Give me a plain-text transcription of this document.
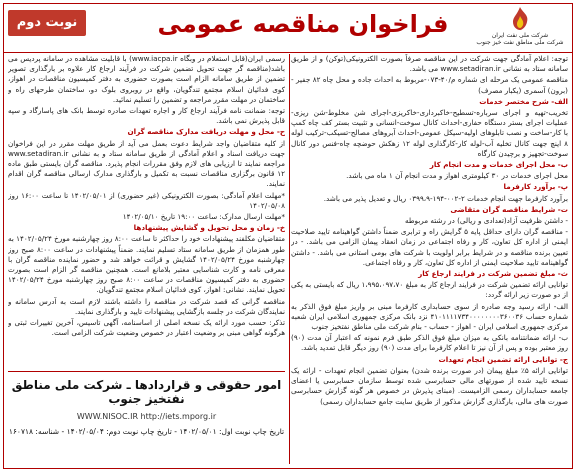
نوبت دوم	فراخوان مناقصه عمومی	شرکت ملی نفت ایران
شرکت ملی مناطق نفت خیز جنوب

توجه: اعلام آمادگی جهت شرکت در این مناقصه صرفاً بصورت الکترونیکی(توکن) و از طریق سامانه ستاد به نشانی www.setadiran.ir می باشد.

مناقصه عمومی یک مرحله ای شماره م/۴۰-۰۷۳-مربوط به احداث جاده و محل چاه ۸۲ جفیر - (برون) آسمری (یکبار مصرف)

الف- شرح مختصر خدمات

تخریب-تهیه و اجرای سرباره-تسطیح-خاکبرداری-خاکریزی-اجرای شن مخلوط-شن ریزی-عملیات اجرای بستر دستگاه حفاری-احداث کانال سوخت-انسانی و تثبیت بستر کف چاه کمپ با کار-ساخت و نصب تابلوهای اولیه-سیکل عمومی-احداث آبروهای مصالح-تسیکب-ترکیب لوله ۸ اینچ جهت کانال تخلیه آب-لوله کار-کارگذاری لوله ۱۲ زهکش حوضچه چاه-فنس دور کانال سوخت-تجهیز و برچیدن کارگاه

ب- محل اجرای خدمات و مدت انجام کار

محل اجرای خدمات در ۳۰ کیلومتری اهواز و مدت انجام آن ۱ ماه می باشد.

پ- برآورد کارفرما

برآورد کارفرما جهت انجام خدمات ۲-۰۰۲-۱۹۴-۰۳۹۹،۹ ریال و تعدیل پذیر می باشد.

ت- شرایط مناقصه گران متقاضی

- داشتن ظرفیت آزاد(تعدادی و ریالی) در رشته مربوطه

- مناقصه گران دارای حداقل پایه ۵ گرایش راه و ترابری ضمناً داشتن گواهینامه تایید صلاحیت ایمنی از اداره کل تعاون، کار و رفاه اجتماعی در زمان انعقاد پیمان الزامی می باشد. - در تعیین برنده مناقصه و در شرایط برابر اولویت با شرکت های بومی استانی می باشد. - داشتن گواهینامه تایید صلاحیت ایمنی از اداره کل تعاون، کار و رفاه اجتماعی.

ث- مبلغ تضمین شرکت در فرایند ارجاع کار

توانایی ارائه تضمین شرکت در فرایند ارجاع کار به مبلغ ۱،۹۹۵،۰۹۷،۷۰ ریال که بایستی به یکی از دو صورت زیر ارائه گردد:

الف- ارائه رسید وجه صادره از سوی حسابداری کارفرما مبنی بر واریز مبلغ فوق الذکر به شماره حساب ۴۱۰۱۱۱۱۷۳۴۰۰۰۰۰۰۰۰۳۶۰۰۳۶ نزد بانک مرکزی جمهوری اسلامی ایران شعبه مرکزی جمهوری اسلامی ایران - اهواز - حساب - بنام شرکت ملی مناطق نفتخیز جنوب

ب- ارائه ضمانتنامه بانکی به میزان مبلغ فوق الذکر طبق فرم نمونه که اعتبار آن مدت (۹۰) روز معتبر بوده و پس از آن نیز تا اعلام کارفرما برای مدت (۹۰) روز دیگر قابل تمدید باشد.

ج- توانایی ارائه تضمین انجام تعهدات

توانایی ارائه ۵٪ مبلغ پیمان (در صورت برنده شدن) بعنوان تضمین انجام تعهدات - ارائه یک نسخه تایید شده از صورتهای مالی حسابرسی شده توسط سازمان حسابرسی یا اعضای جامعه حسابداران رسمی الزامیست. (مبنای پذیرش در خصوص هر گونه گزارش حسابرسی صورت های مالی، بارگذاری گزارش مذکور از طریق سایت جامع حسابداران رسمی)

رسمی ایران(قابل استعلام در وبگاه www.iacpa.ir) با قابلیت مشاهده در سامانه پردیس می باشد(مناقصه گر جهت تحویل تضمین شرکت در فرآیند ارجاع کار علاوه بر بارگذاری تصویر تضمین از طریق سامانه الزام است بصورت حضوری به دفتر کمیسیون مناقصات در اهواز، کوی فدائیان اسلام مجتمع تندگویان، واقع در روبروی بلوک دو، ساختمان طرحهای راه و ساختمان در مهلت مقرر مراجعه و تضمین را تسلیم نمائید.

توجه: ضمانت نامه فرآیند ارجاع کار و اجاره تعهدات صادره توسط بانک های پاسارگاد و سپه قابل پذیرش نمی باشد.

ح- محل و مهلت دریافت مدارک مناقصه گران

از کلیه متقاضیان واجد شرایط دعوت بعمل می آید از طریق مهلت مقرر در این فراخوان جهت دریافت اسناد و اعلام آمادگی از طریق سامانه ستاد و به نشانی www.setadiran.ir مراجعه نمایند تا ارزیابی های لازم وفق مقررات انجام پذیرد. مناقصه گران بایستی طبق ماده ۱۲ قانون برگزاری مناقصات نسبت به تکمیل و بارگذاری مدارک ارسالی مناقصه گران اقدام نمایند.

*مهلت اعلام آمادگی: بصورت الکترونیکی (غیر حضوری) از ۱۴۰۲/۰۵/۰۱ تا ساعت ۱۶:۰۰ روز ۱۴۰۲/۰۵/۰۸

*مهلت ارسال مدارک: ساعت ۱۹:۰۰ تاریخ ۱۴۰۲/۰۵/۱۰

خ- زمان و محل تحویل و گشایش پیشنهادها

متقاضیان مکلفند پیشنهادات خود را حداکثر تا ساعت ۸:۰۰ روز چهارشنبه مورخ ۱۴۰۲/۰۵/۲۴ به طور همزمان از طریق سامانه ستاد تسلیم نمایند. ضمناً پیشنهادات در ساعت ۸:۰۰ صبح روز چهارشنبه مورخ ۱۴۰۲/۰۵/۲۴ گشایش و قرائت خواهد شد و حضور نماینده مناقصه گران با معرفی نامه و کارت شناسایی معتبر بلامانع است. همچنین مناقصه گر الزام است بصورت حضوری به دفتر کمیسیون مناقصات در ساعت ۸:۰۰ صبح روز چهارشنبه مورخ ۱۴۰۲/۰۵/۲۴ تحویل نمایند. نشانی: اهواز، کوی فدائیان اسلام مجتمع تندگویان.

مناقصه گرانی که قصد شرکت در مناقصه را داشته باشند لازم است به آدرس سامانه و نمایندگان شرکت در جلسه بازگشایی پیشنهادات تایید و بارگذاری نمایند.

تذکر: حسب مورد ارائه یک نسخه اصلی از اساسنامه، آگهی تاسیس، آخرین تغییرات ثبتی و هرگونه گواهی مبنی بر وضعیت اعتبار در خصوص وضعیت شرکت الزامی است.

امور حقوقی و قراردادها ـ شرکت ملی مناطق نفتخیز جنوب
WWW.NISOC.IR http://iets.mporg.ir
تاریخ چاپ نوبت اول: ۱۴۰۲/۰۵/۰۱ - تاریخ چاپ نوبت دوم: ۱۴۰۲/۰۵/۰۴ - شناسه: ۱۶۰۷۱۸
